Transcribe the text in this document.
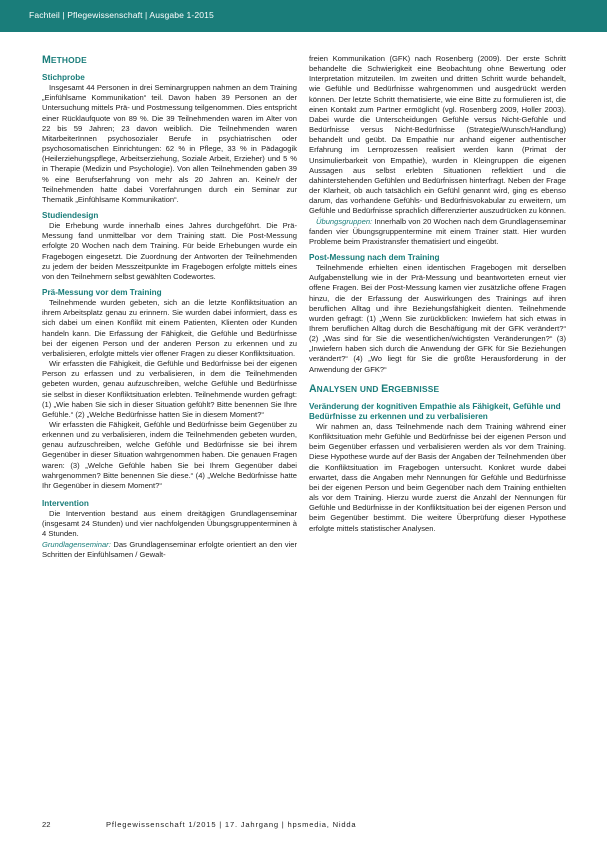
Fachteil | Pflegewissenschaft | Ausgabe 1-2015
METHODE
Stichprobe

Insgesamt 44 Personen in drei Seminargruppen nahmen an dem Training „Einfühlsame Kommunikation“ teil. Davon haben 39 Personen an der Untersuchung mittels Prä- und Postmessung teilgenommen. Dies entspricht einer Rücklaufquote von 89 %. Die 39 Teilnehmenden waren im Alter von 22 bis 59 Jahren; 23 davon weiblich. Die Teilnehmenden waren MitarbeiterInnen psychosozialer Berufe in psychiatrischen oder psychosomatischen Einrichtungen: 62 % in Pflege, 33 % in Pädagogik (Heilerziehungspflege, Arbeitserziehung, Soziale Arbeit, Erzieher) und 5 % in Therapie (Medizin und Psychologie). Von allen Teilnehmenden gaben 39 % eine Berufserfahrung von mehr als 20 Jahren an. Keine/r der Teilnehmenden hatte dabei Vorerfahrungen durch ein Seminar zur Thematik „Einfühlsame Kommunikation“.

Studiendesign

Die Erhebung wurde innerhalb eines Jahres durchgeführt. Die Prä-Messung fand unmittelbar vor dem Training statt. Die Post-Messung erfolgte 20 Wochen nach dem Training. Für beide Erhebungen wurde ein Fragebogen eingesetzt. Die Zuordnung der Antworten der Teilnehmenden zu jedem der beiden Messzeitpunkte im Fragebogen erfolgte mittels eines von den Teilnehmern selbst gewählten Codewortes.

Prä-Messung vor dem Training

Teilnehmende wurden gebeten, sich an die letzte Konfliktsituation an ihrem Arbeitsplatz genau zu erinnern. Sie wurden dabei informiert, dass es sich dabei um einen Konflikt mit einem Patienten, Klienten oder Kunden handeln kann. Die Erfassung der Fähigkeit, die Gefühle und Bedürfnisse bei der eigenen Person und der anderen Person zu erkennen und zu verbalisieren, erfolgte mittels vier offener Fragen zu dieser Konfliktsituation.

Wir erfassten die Fähigkeit, die Gefühle und Bedürfnisse bei der eigenen Person zu erfassen und zu verbalisieren, in dem die Teilnehmenden gebeten wurden, genau aufzuschreiben, welche Gefühle und Bedürfnisse sie selbst in dieser Konfliktsituation erlebten. Teilnehmende wurden gefragt: (1) „Wie haben Sie sich in dieser Situation gefühlt? Bitte benennen Sie Ihre Gefühle.“ (2) „Welche Bedürfnisse hatten Sie in diesem Moment?“

Wir erfassten die Fähigkeit, Gefühle und Bedürfnisse beim Gegenüber zu erkennen und zu verbalisieren, indem die Teilnehmenden gebeten wurden, genau aufzuschreiben, welche Gefühle und Bedürfnisse sie bei ihrem Gegenüber in dieser Situation wahrgenommen haben. Die genauen Fragen waren: (3) „Welche Gefühle haben Sie bei Ihrem Gegenüber dabei wahrgenommen? Bitte benennen Sie diese.“ (4) „Welche Bedürfnisse hatte Ihr Gegenüber in diesem Moment?“

Intervention

Die Intervention bestand aus einem dreitägigen Grundlagenseminar (insgesamt 24 Stunden) und vier nachfolgenden Übungsgruppenterminen à 4 Stunden.

Grundlagenseminar: Das Grundlagenseminar erfolgte orientiert an den vier Schritten der Einfühlsamen / Gewalt-

freien Kommunikation (GFK) nach Rosenberg (2009). Der erste Schritt behandelte die Schwierigkeit eine Beobachtung ohne Bewertung oder Interpretation mitzuteilen. Im zweiten und dritten Schritt wurde behandelt, wie Gefühle und Bedürfnisse wahrgenommen und ausgedrückt werden können. Der letzte Schritt thematisierte, wie eine Bitte zu formulieren ist, die einen Kontakt zum Partner ermöglicht (vgl. Rosenberg 2009, Holler 2003). Dabei wurde die Unterscheidungen Gefühle versus Nicht-Gefühle und Bedürfnisse versus Nicht-Bedürfnisse (Strategie/Wunsch/Handlung) behandelt und geübt. Da Empathie nur anhand eigener authentischer Erfahrung im Lernprozessen realisiert werden kann (Primat der Unsimulierbarkeit von Empathie), wurden in Kleingruppen die eigenen Aussagen aus selbst erlebten Situationen reflektiert und die dahinterstehenden Gefühlen und Bedürfnissen hinterfragt. Neben der Frage der Klarheit, ob auch tatsächlich ein Gefühl genannt wird, ging es ebenso darum, das vorhandene Gefühls- und Bedürfnisvokabular zu erweitern, um Gefühle und Bedürfnisse sprachlich differenzierter auszudrücken zu können.

Übungsgruppen: Innerhalb von 20 Wochen nach dem Grundlagenseminar fanden vier Übungsgruppentermine mit einem Trainer statt. Hier wurden Probleme beim Praxistransfer thematisiert und eingeübt.

Post-Messung nach dem Training

Teilnehmende erhielten einen identischen Fragebogen mit derselben Aufgabenstellung wie in der Prä-Messung und beantworteten erneut vier offene Fragen. Bei der Post-Messung kamen vier zusätzliche offene Fragen hinzu, die der Erfassung der Auswirkungen des Trainings auf ihren beruflichen Alltag und ihre Beziehungsfähigkeit dienten. Teilnehmende wurden gefragt: (1) „Wenn Sie zurückblicken: Inwiefern hat sich etwas in Ihrem beruflichen Alltag durch die Beschäftigung mit der GFK verändert?“ (2) „Was sind für Sie die wesentlichen/wichtigsten Veränderungen?“ (3) „Inwiefern haben sich durch die Anwendung der GFK für Sie Beziehungen verändert?“ (4) „Wo liegt für Sie die größte Herausforderung in der Anwendung der GFK?“

ANALYSEN UND ERGEBNISSE
Veränderung der kognitiven Empathie als Fähigkeit, Gefühle und Bedürfnisse zu erkennen und zu verbalisieren

Wir nahmen an, dass Teilnehmende nach dem Training während einer Konfliktsituation mehr Gefühle und Bedürfnisse bei der eigenen Person und beim Gegenüber erfassen und verbalisieren werden als vor dem Training. Diese Hypothese wurde auf der Basis der Angaben der Teilnehmenden über die Konfliktsituation im Fragebogen untersucht. Konkret wurde dabei erwartet, dass die Angaben mehr Nennungen für Gefühle und Bedürfnisse bei der eigenen Person und beim Gegenüber nach dem Training enthielten als vor dem Training. Hierzu wurde zuerst die Anzahl der Nennungen für Gefühle und Bedürfnisse in der Konfliktsituation bei der eigenen Person und beim Gegenüber bestimmt. Die weitere Überprüfung dieser Hypothese erfolgte mittels statistischer Analysen.

22	Pflegewissenschaft 1/2015 | 17. Jahrgang | hpsmedia, Nidda
